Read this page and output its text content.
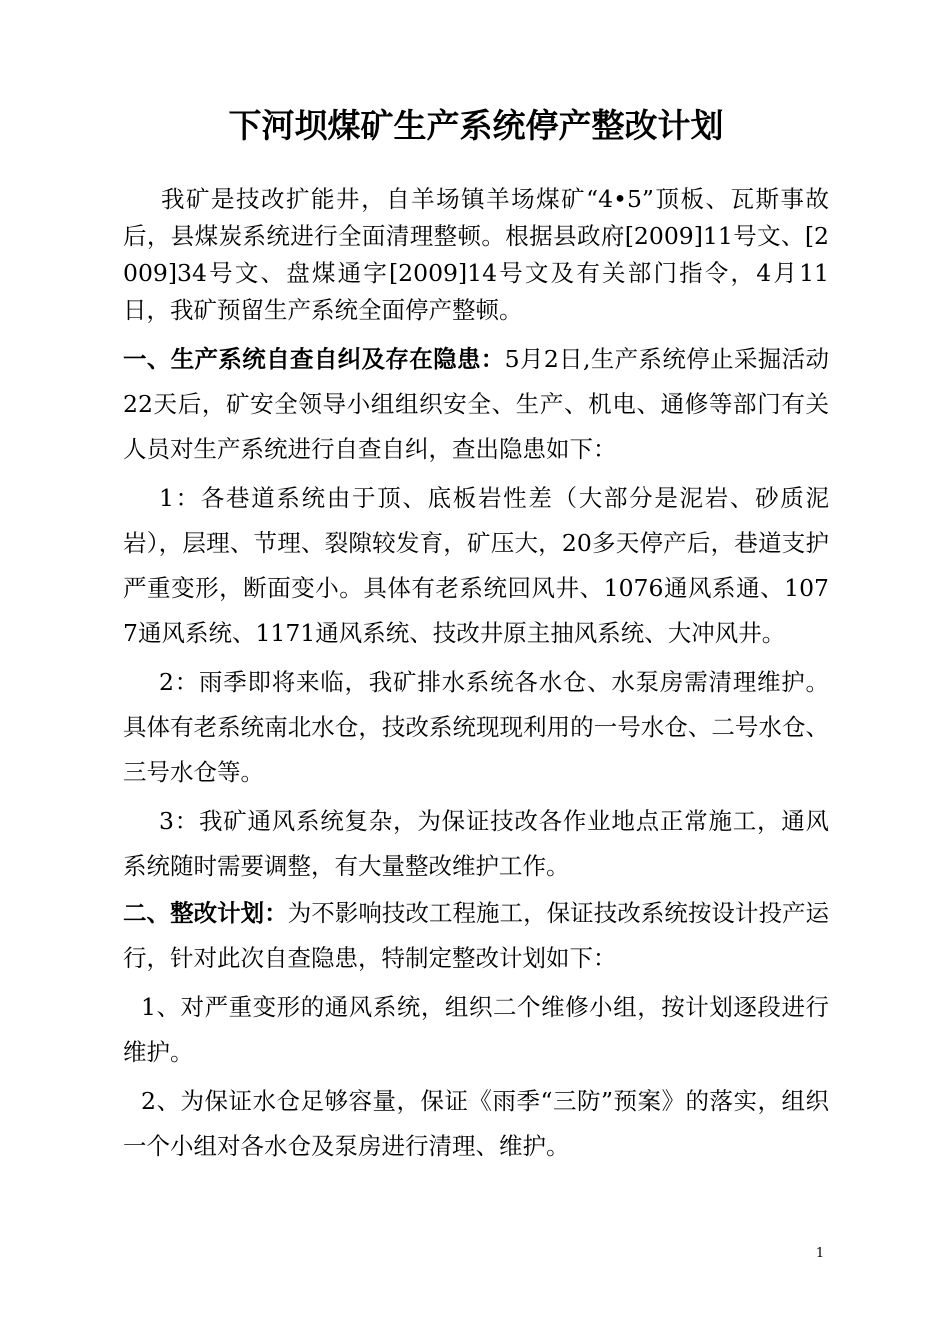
下河坝煤矿生产系统停产整改计划

我矿是技改扩能井，自羊场镇羊场煤矿“4•5”顶板、瓦斯事故后，县煤炭系统进行全面清理整顿。根据县政府[2009]11号文、[2009]34号文、盘煤通字[2009]14号文及有关部门指令，4月11日，我矿预留生产系统全面停产整顿。

一、生产系统自查自纠及存在隐患：5月2日,生产系统停止采掘活动22天后，矿安全领导小组组织安全、生产、机电、通修等部门有关人员对生产系统进行自查自纠，查出隐患如下：

1：各巷道系统由于顶、底板岩性差（大部分是泥岩、砂质泥岩），层理、节理、裂隙较发育，矿压大，20多天停产后，巷道支护严重变形，断面变小。具体有老系统回风井、1076通风系通、1077通风系统、1171通风系统、技改井原主抽风系统、大冲风井。

2：雨季即将来临，我矿排水系统各水仓、水泵房需清理维护。具体有老系统南北水仓，技改系统现现利用的一号水仓、二号水仓、三号水仓等。

3：我矿通风系统复杂，为保证技改各作业地点正常施工，通风系统随时需要调整，有大量整改维护工作。

二、整改计划：为不影响技改工程施工，保证技改系统按设计投产运行，针对此次自查隐患，特制定整改计划如下：

1、对严重变形的通风系统，组织二个维修小组，按计划逐段进行维护。

2、为保证水仓足够容量，保证《雨季“三防”预案》的落实，组织一个小组对各水仓及泵房进行清理、维护。

1
